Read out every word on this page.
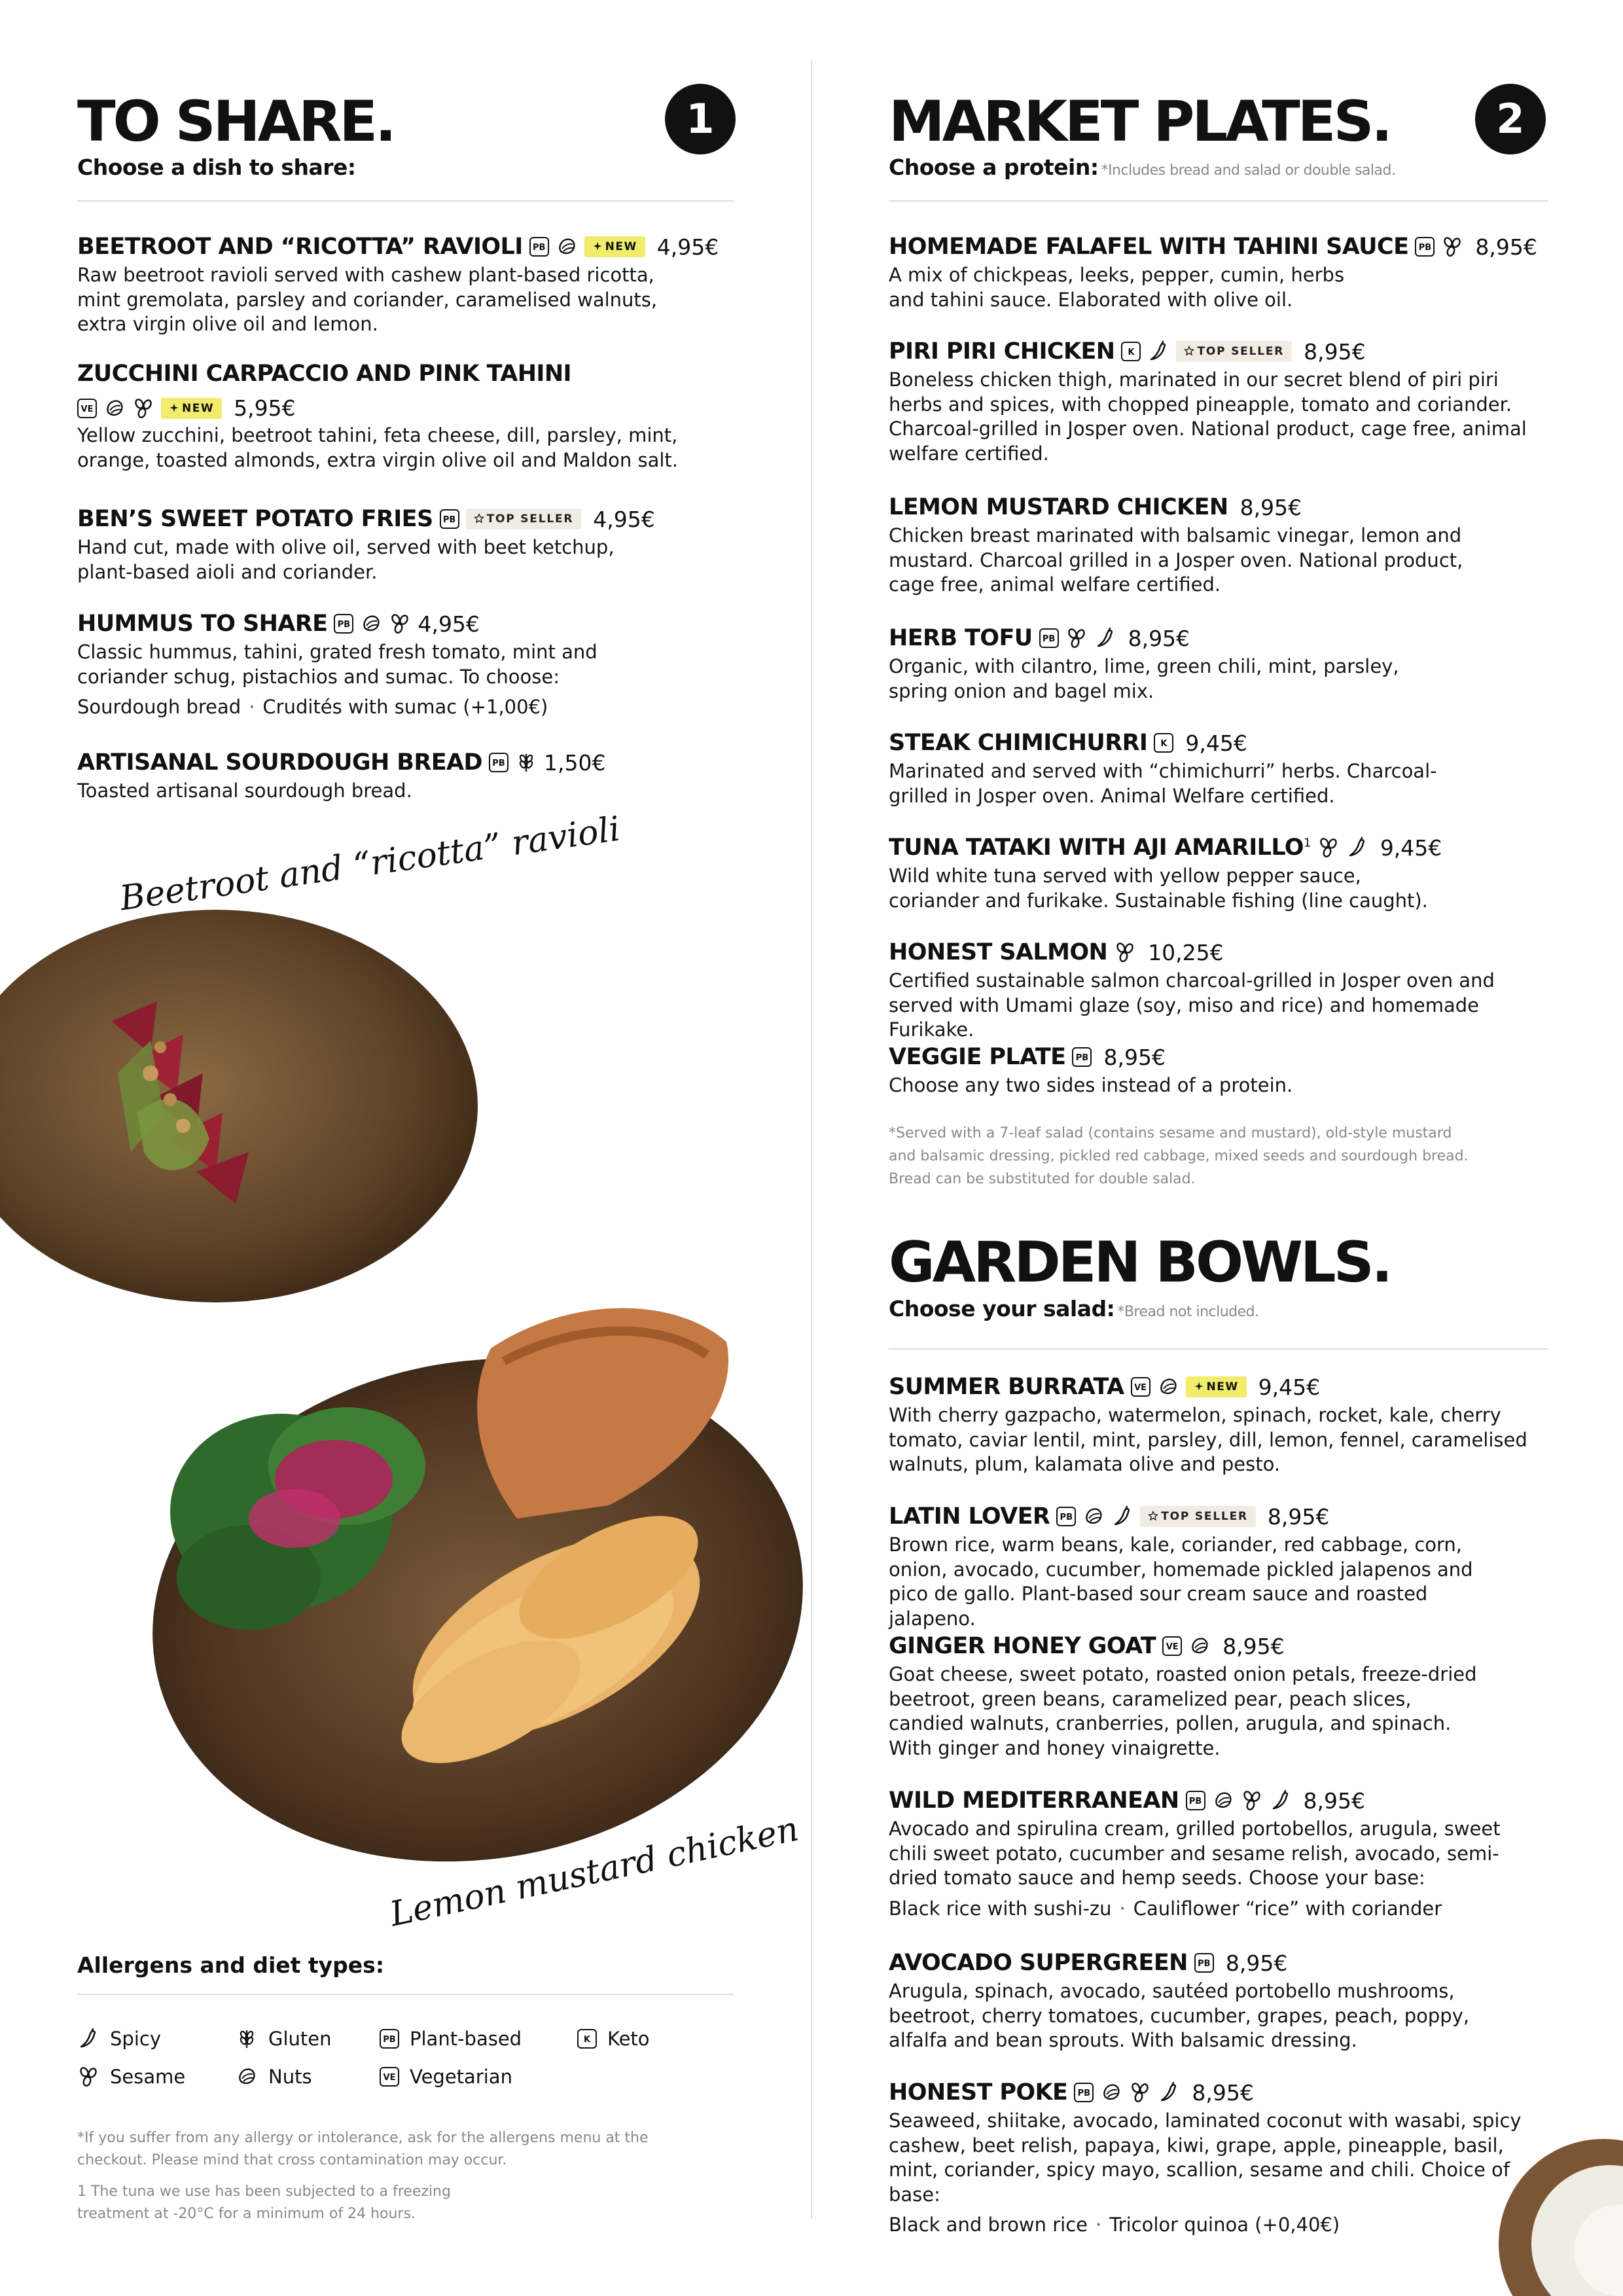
TO SHARE.	1
Choose a dish to share:
BEETROOT AND “RICOTTA” RAVIOLI	PB	NEW 4,95€
Raw beetroot ravioli served with cashew plant-based ricotta, mint gremolata, parsley and coriander, caramelised walnuts, extra virgin olive oil and lemon.
ZUCCHINI CARPACCIO AND PINK TAHINI
VE	NEW 5,95€
Yellow zucchini, beetroot tahini, feta cheese, dill, parsley, mint, orange, toasted almonds, extra virgin olive oil and Maldon salt.
BEN’S SWEET POTATO FRIES	PB	TOP SELLER 4,95€
Hand cut, made with olive oil, served with beet ketchup, plant-based aioli and coriander.
HUMMUS TO SHARE	PB	4,95€
Classic hummus, tahini, grated fresh tomato, mint and coriander schug, pistachios and sumac. To choose:
Sourdough bread · Crudités with sumac (+1,00€)
ARTISANAL SOURDOUGH BREAD	PB 1,50€
Toasted artisanal sourdough bread.
Allergens and diet types:
Spicy	Gluten	PB Plant-based	K Keto
Sesame	Nuts	VE Vegetarian
*If you suffer from any allergy or intolerance, ask for the allergens menu at the checkout. Please mind that cross contamination may occur.
1 The tuna we use has been subjected to a freezing treatment at -20°C for a minimum of 24 hours.
Beetroot and “ricotta” ravioli
Lemon mustard chicken
MARKET PLATES.	2
Choose a protein: *Includes bread and salad or double salad.
HOMEMADE FALAFEL WITH TAHINI SAUCE	PB 8,95€
A mix of chickpeas, leeks, pepper, cumin, herbs and tahini sauce. Elaborated with olive oil.
PIRI PIRI CHICKEN	K	TOP SELLER 8,95€
Boneless chicken thigh, marinated in our secret blend of piri piri herbs and spices, with chopped pineapple, tomato and coriander. Charcoal-grilled in Josper oven. National product, cage free, animal welfare certified.
LEMON MUSTARD CHICKEN 8,95€
Chicken breast marinated with balsamic vinegar, lemon and mustard. Charcoal grilled in a Josper oven. National product, cage free, animal welfare certified.
HERB TOFU	PB	8,95€
Organic, with cilantro, lime, green chili, mint, parsley, spring onion and bagel mix.
STEAK CHIMICHURRI	K 9,45€
Marinated and served with “chimichurri” herbs. Charcoal-grilled in Josper oven. Animal Welfare certified.
TUNA TATAKI WITH AJI AMARILLO$^1$	9,45€
Wild white tuna served with yellow pepper sauce, coriander and furikake. Sustainable fishing (line caught).
HONEST SALMON 10,25€
Certified sustainable salmon charcoal-grilled in Josper oven and served with Umami glaze (soy, miso and rice) and homemade Furikake.
VEGGIE PLATE	PB 8,95€
Choose any two sides instead of a protein.
*Served with a 7-leaf salad (contains sesame and mustard), old-style mustard and balsamic dressing, pickled red cabbage, mixed seeds and sourdough bread. Bread can be substituted for double salad.
GARDEN BOWLS.
Choose your salad: *Bread not included.
SUMMER BURRATA	VE	NEW 9,45€
With cherry gazpacho, watermelon, spinach, rocket, kale, cherry tomato, caviar lentil, mint, parsley, dill, lemon, fennel, caramelised walnuts, plum, kalamata olive and pesto.
LATIN LOVER	PB	TOP SELLER 8,95€
Brown rice, warm beans, kale, coriander, red cabbage, corn, onion, avocado, cucumber, homemade pickled jalapenos and pico de gallo. Plant-based sour cream sauce and roasted jalapeno.
GINGER HONEY GOAT	VE 8,95€
Goat cheese, sweet potato, roasted onion petals, freeze-dried beetroot, green beans, caramelized pear, peach slices, candied walnuts, cranberries, pollen, arugula, and spinach. With ginger and honey vinaigrette.
WILD MEDITERRANEAN	PB	8,95€
Avocado and spirulina cream, grilled portobellos, arugula, sweet chili sweet potato, cucumber and sesame relish, avocado, semi-dried tomato sauce and hemp seeds. Choose your base:
Black rice with sushi-zu · Cauliflower “rice” with coriander
AVOCADO SUPERGREEN	PB 8,95€
Arugula, spinach, avocado, sautéed portobello mushrooms, beetroot, cherry tomatoes, cucumber, grapes, peach, poppy, alfalfa and bean sprouts. With balsamic dressing.
HONEST POKE	PB	8,95€
Seaweed, shiitake, avocado, laminated coconut with wasabi, spicy cashew, beet relish, papaya, kiwi, grape, apple, pineapple, basil, mint, coriander, spicy mayo, scallion, sesame and chili. Choice of base:
Black and brown rice · Tricolor quinoa (+0,40€)
